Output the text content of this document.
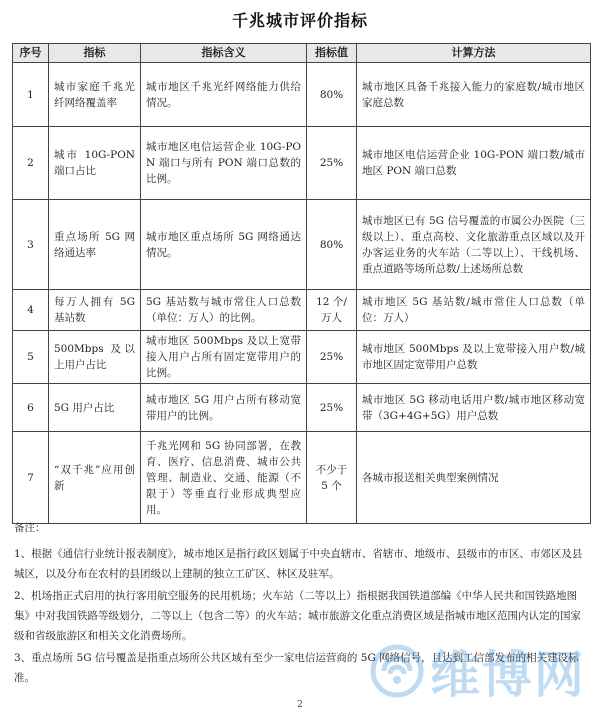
千兆城市评价指标
序号	指标	指标含义	指标值	计算方法
1	城市家庭千兆光纤网络覆盖率	城市地区千兆光纤网络能力供给情况。	80%	城市地区具备千兆接入能力的家庭数/城市地区家庭总数
2	城市 10G-PON 端口占比	城市地区电信运营企业 10G-PON 端口与所有 PON 端口总数的比例。	25%	城市地区电信运营企业 10G-PON 端口数/城市地区 PON 端口总数
3	重点场所 5G 网络通达率	城市地区重点场所 5G 网络通达情况。	80%	城市地区已有 5G 信号覆盖的市属公办医院（三级以上）、重点高校、文化旅游重点区域以及开办客运业务的火车站（二等以上）、干线机场、重点道路等场所总数/上述场所总数
4	每万人拥有 5G 基站数	5G 基站数与城市常住人口总数（单位：万人）的比例。	12 个/万人	城市地区 5G 基站数/城市常住人口总数（单位：万人）
5	500Mbps 及以上用户占比	城市地区 500Mbps 及以上宽带接入用户占所有固定宽带用户的比例。	25%	城市地区 500Mbps 及以上宽带接入用户数/城市地区固定宽带用户总数
6	5G 用户占比	城市地区 5G 用户占所有移动宽带用户的比例。	25%	城市地区 5G 移动电话用户数/城市地区移动宽带（3G+4G+5G）用户总数
7	“双千兆”应用创新	千兆光网和 5G 协同部署，在教育、医疗、信息消费、城市公共管理、制造业、交通、能源（不限于）等垂直行业形成典型应用。	不少于 5 个	各城市报送相关典型案例情况
备注：
1、根据《通信行业统计报表制度》，城市地区是指行政区划属于中央直辖市、省辖市、地级市、县级市的市区、市郊区及县城区，以及分布在农村的县团级以上建制的独立工矿区、林区及驻军。
2、机场指正式启用的执行客用航空服务的民用机场；火车站（二等以上）指根据我国铁道部编《中华人民共和国铁路地图集》中对我国铁路等级划分，二等以上（包含二等）的火车站；城市旅游文化重点消费区域是指城市地区范围内认定的国家级和省级旅游区和相关文化消费场所。
3、重点场所 5G 信号覆盖是指重点场所公共区域有至少一家电信运营商的 5G 网络信号，且达到工信部发布的相关建设标准。
2
维博网
